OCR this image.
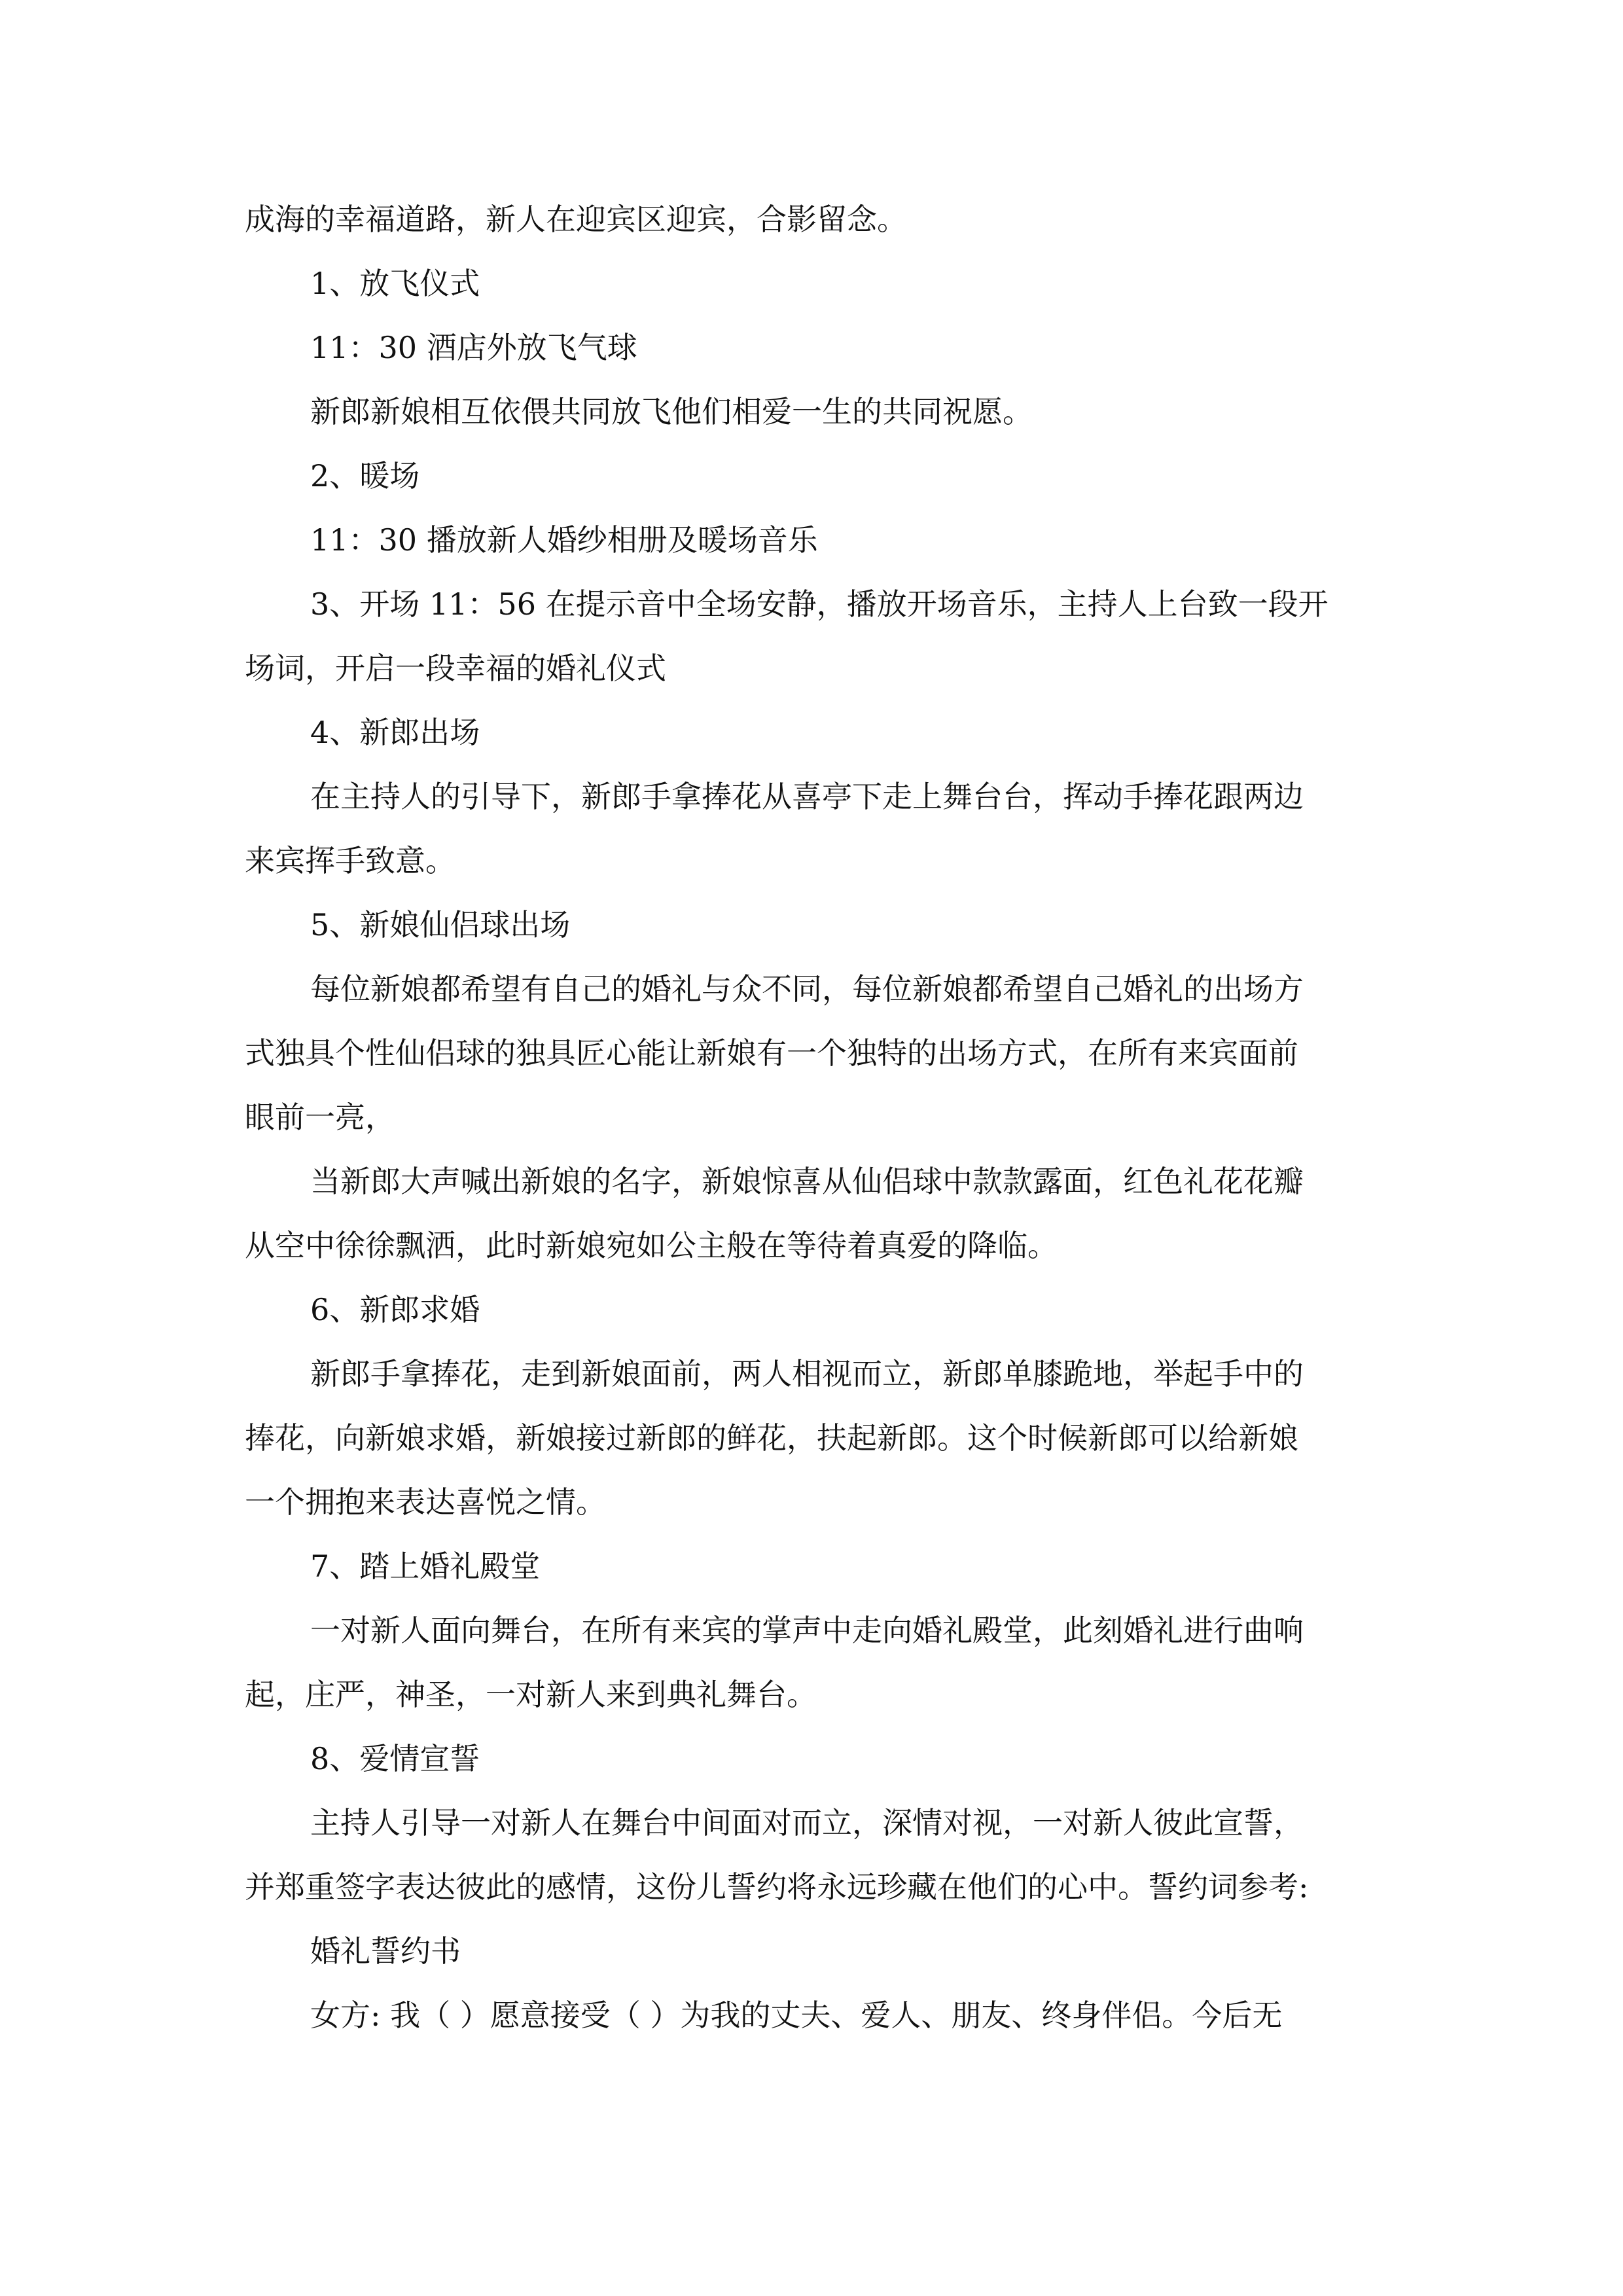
成海的幸福道路，新人在迎宾区迎宾，合影留念。
1、放飞仪式
11：30 酒店外放飞气球
新郎新娘相互依偎共同放飞他们相爱一生的共同祝愿。
2、暖场
11：30 播放新人婚纱相册及暖场音乐
3、开场 11：56 在提示音中全场安静，播放开场音乐，主持人上台致一段开
场词，开启一段幸福的婚礼仪式
4、新郎出场
在主持人的引导下，新郎手拿捧花从喜亭下走上舞台台，挥动手捧花跟两边
来宾挥手致意。
5、新娘仙侣球出场
每位新娘都希望有自己的婚礼与众不同，每位新娘都希望自己婚礼的出场方
式独具个性仙侣球的独具匠心能让新娘有一个独特的出场方式，在所有来宾面前
眼前一亮，
当新郎大声喊出新娘的名字，新娘惊喜从仙侣球中款款露面，红色礼花花瓣
从空中徐徐飘洒，此时新娘宛如公主般在等待着真爱的降临。
6、新郎求婚
新郎手拿捧花，走到新娘面前，两人相视而立，新郎单膝跪地，举起手中的
捧花，向新娘求婚，新娘接过新郎的鲜花，扶起新郎。这个时候新郎可以给新娘
一个拥抱来表达喜悦之情。
7、踏上婚礼殿堂
一对新人面向舞台，在所有来宾的掌声中走向婚礼殿堂，此刻婚礼进行曲响
起，庄严，神圣，一对新人来到典礼舞台。
8、爱情宣誓
主持人引导一对新人在舞台中间面对而立，深情对视，一对新人彼此宣誓，
并郑重签字表达彼此的感情，这份儿誓约将永远珍藏在他们的心中。誓约词参考:
婚礼誓约书
女方: 我（ ）愿意接受（ ）为我的丈夫、爱人、朋友、终身伴侣。今后无
